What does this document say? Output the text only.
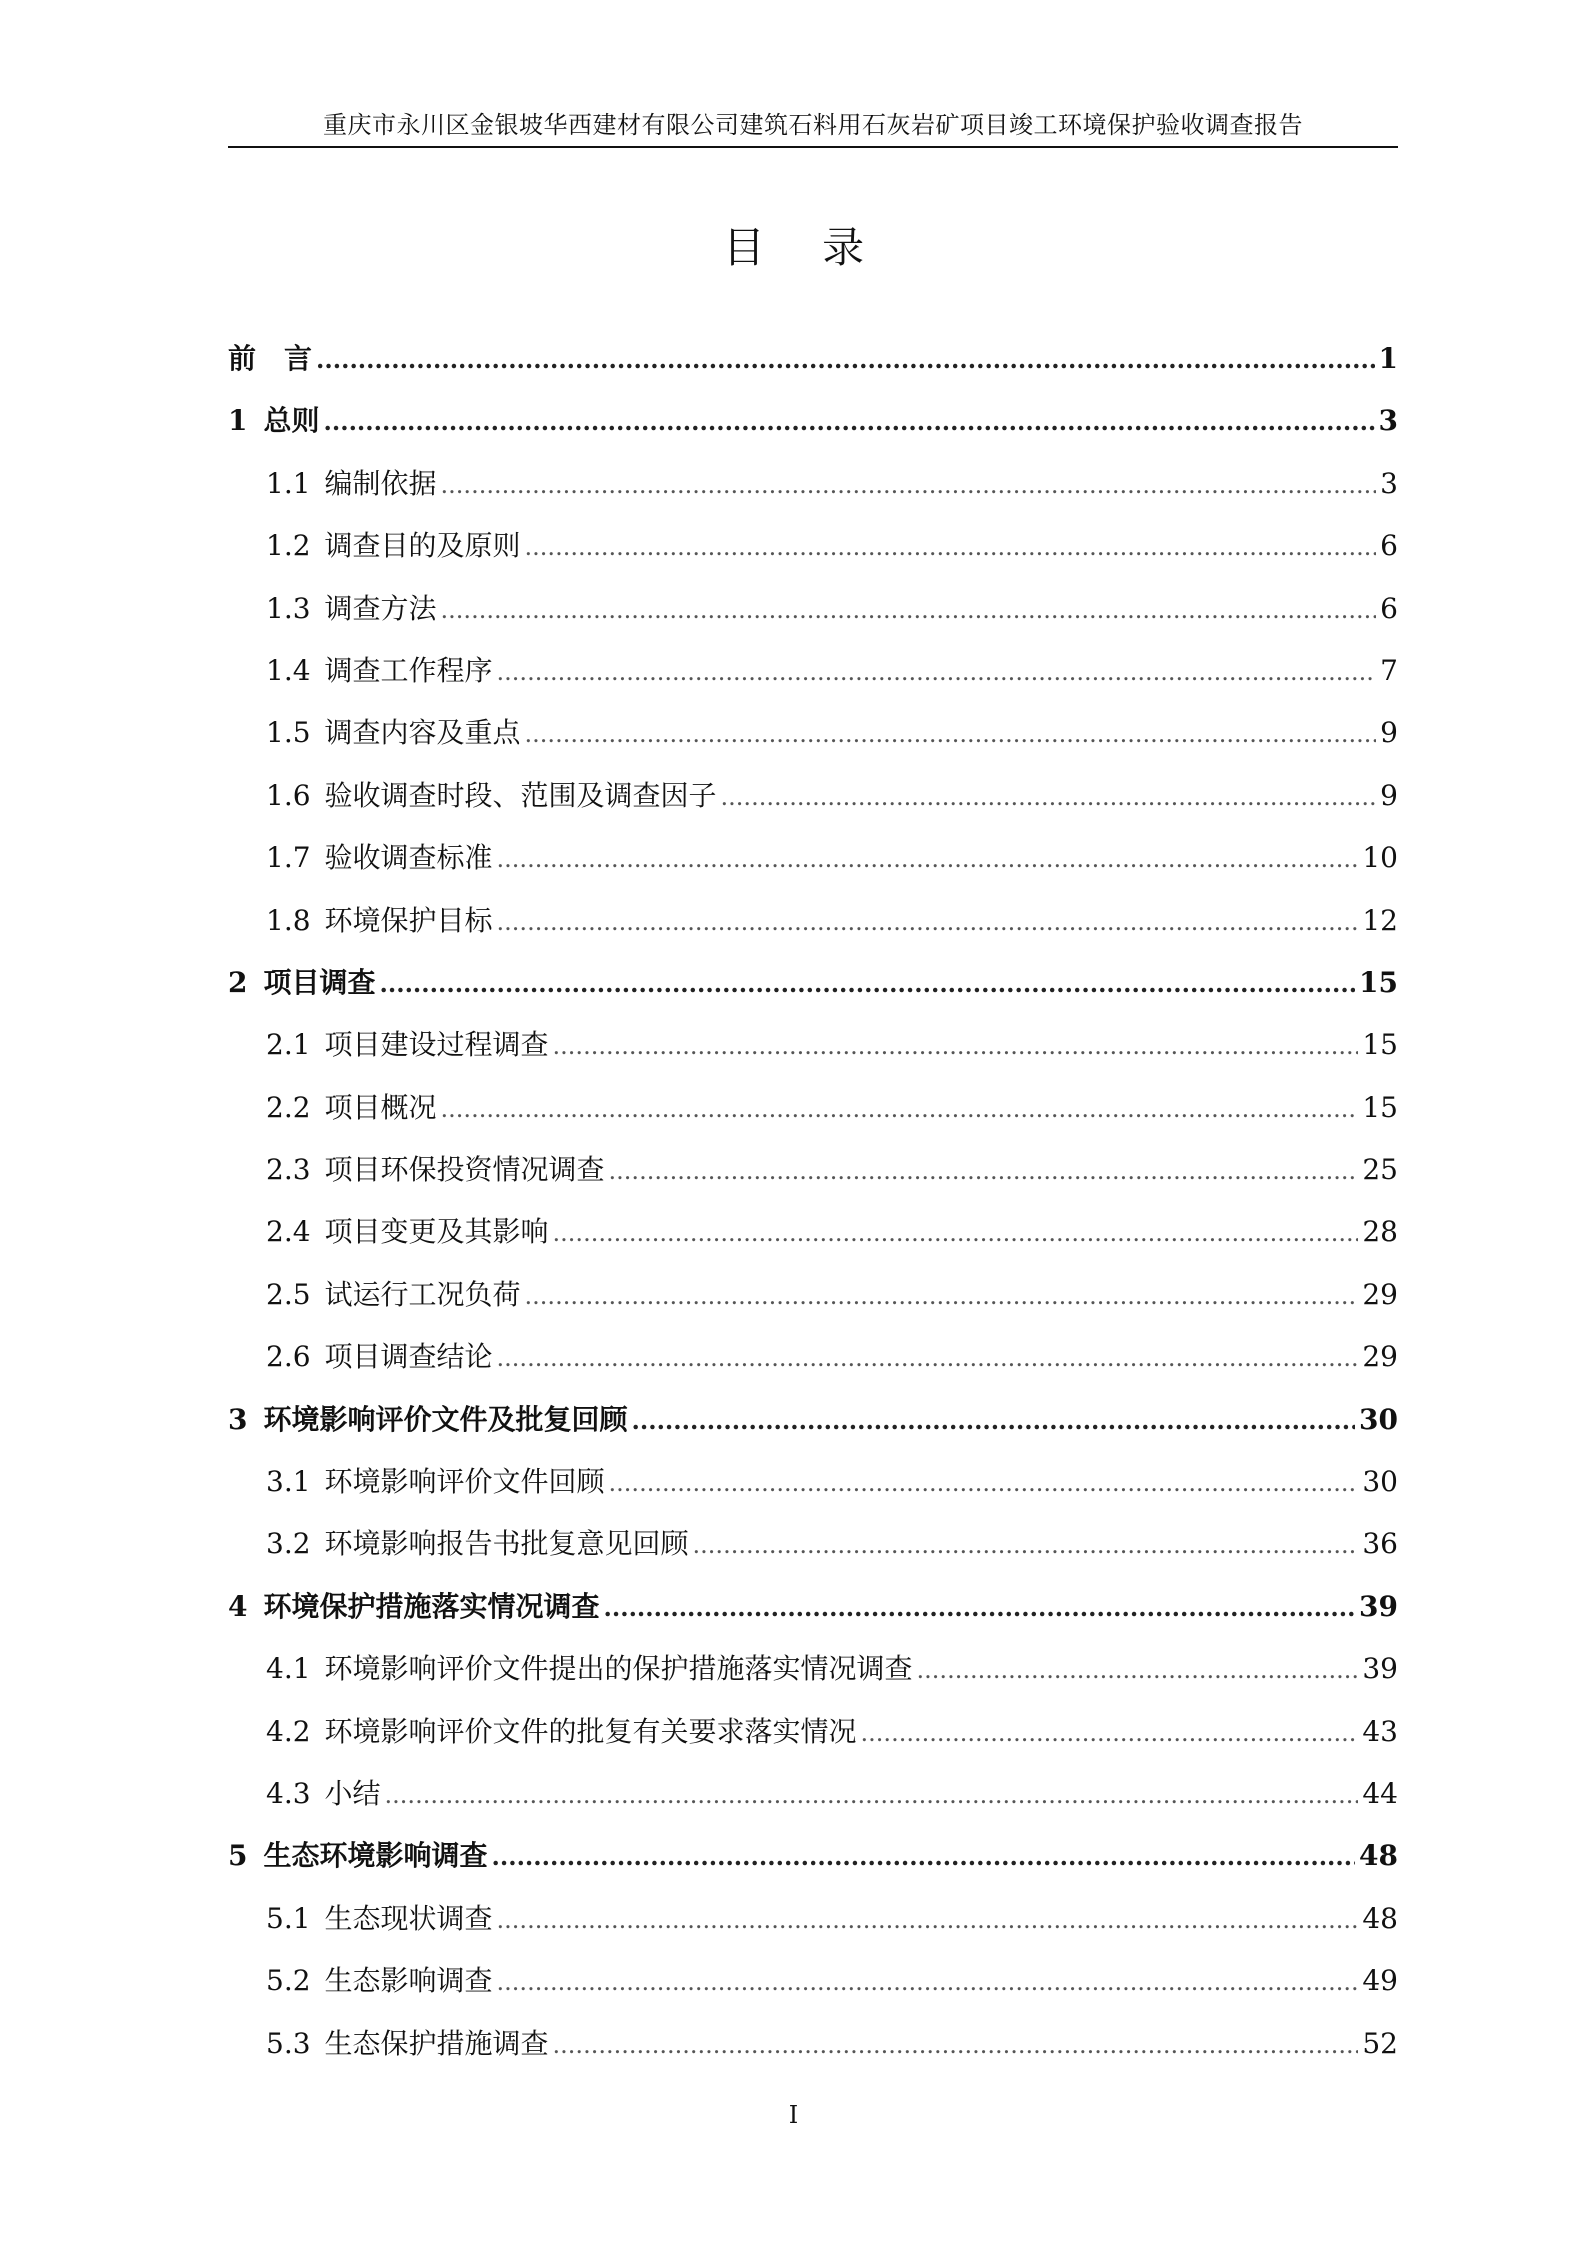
重庆市永川区金银坡华西建材有限公司建筑石料用石灰岩矿项目竣工环境保护验收调查报告
目 录
前　言 .....	1
1 总则 .....	3
1.1 编制依据 .....	3
1.2 调查目的及原则 .....	6
1.3 调查方法 .....	6
1.4 调查工作程序 .....	7
1.5 调查内容及重点 .....	9
1.6 验收调查时段、范围及调查因子 .....	9
1.7 验收调查标准 .....	10
1.8 环境保护目标 .....	12
2 项目调查 .....	15
2.1 项目建设过程调查 .....	15
2.2 项目概况 .....	15
2.3 项目环保投资情况调查 .....	25
2.4 项目变更及其影响 .....	28
2.5 试运行工况负荷 .....	29
2.6 项目调查结论 .....	29
3 环境影响评价文件及批复回顾 .....	30
3.1 环境影响评价文件回顾 .....	30
3.2 环境影响报告书批复意见回顾 .....	36
4 环境保护措施落实情况调查 .....	39
4.1 环境影响评价文件提出的保护措施落实情况调查 .....	39
4.2 环境影响评价文件的批复有关要求落实情况 .....	43
4.3 小结 .....	44
5 生态环境影响调查 .....	48
5.1 生态现状调查 .....	48
5.2 生态影响调查 .....	49
5.3 生态保护措施调查 .....	52
I
